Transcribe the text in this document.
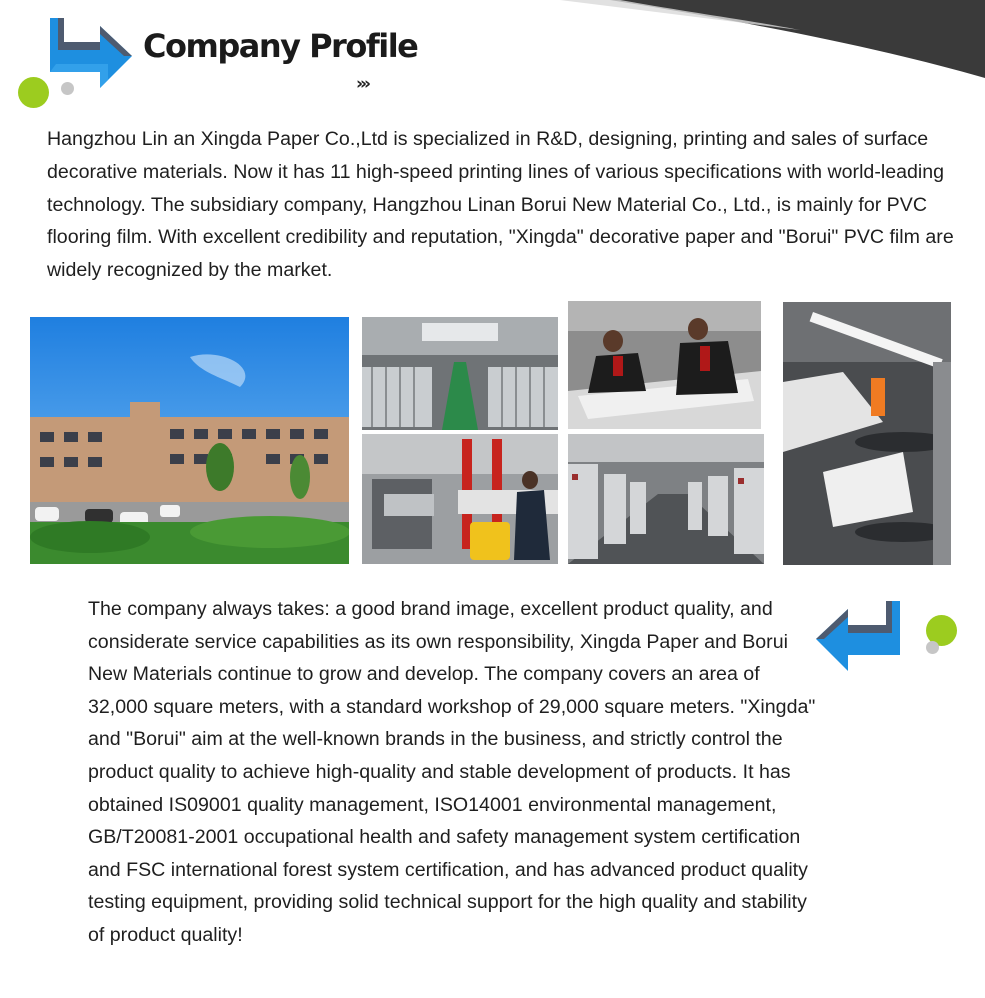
Company Profile
›››

Hangzhou Lin an Xingda Paper Co.,Ltd is specialized in R&D, designing, printing and sales of surface decorative materials. Now it has 11 high-speed printing lines of various specifications with world-leading technology. The subsidiary company, Hangzhou Linan Borui New Material Co., Ltd., is mainly for PVC flooring film. With excellent credibility and reputation, "Xingda" decorative paper and "Borui" PVC film are widely recognized by the market.

The company always takes: a good brand image, excellent product quality, and considerate service capabilities as its own responsibility, Xingda Paper and Borui New Materials continue to grow and develop. The company covers an area of 32,000 square meters, with a standard workshop of 29,000 square meters. "Xingda" and "Borui" aim at the well-known brands in the business, and strictly control the product quality to achieve high-quality and stable development of products. It has obtained IS09001 quality management, ISO14001 environmental management, GB/T20081-2001 occupational health and safety management system certification and FSC international forest system certification, and has advanced product quality testing equipment, providing solid technical support for the high quality and stability of product quality!
